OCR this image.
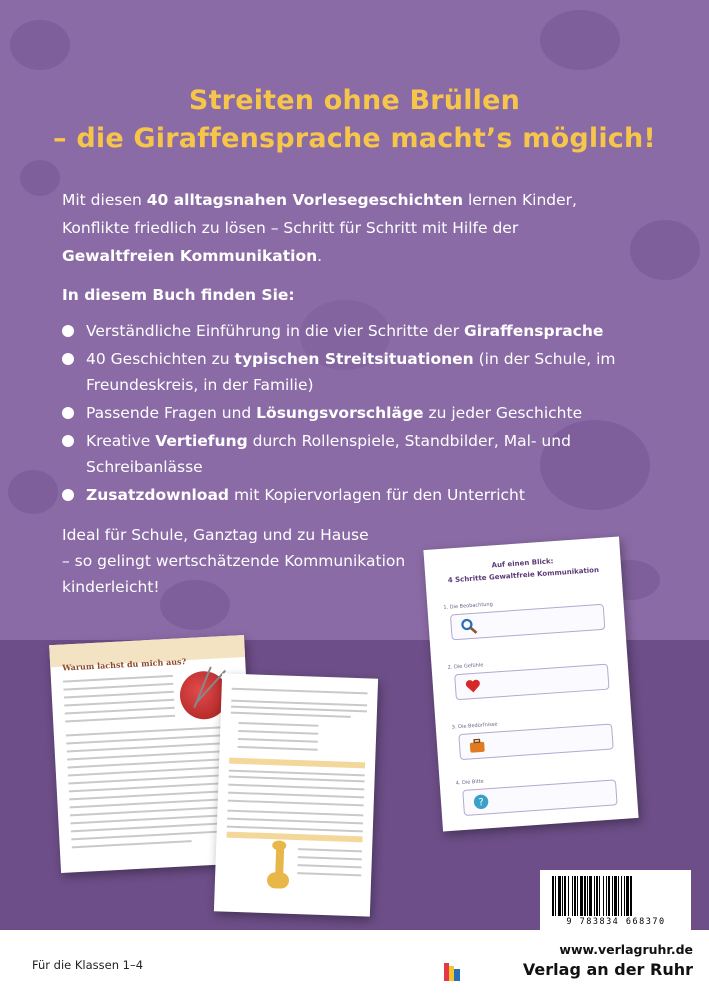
Streiten ohne Brüllen
– die Giraffensprache macht’s möglich!

Mit diesen 40 alltagsnahen Vorlesegeschichten lernen Kinder,

Konflikte friedlich zu lösen – Schritt für Schritt mit Hilfe der

Gewaltfreien Kommunikation.

In diesem Buch finden Sie:
Verständliche Einführung in die vier Schritte der Giraffensprache
40 Geschichten zu typischen Streitsituationen (in der Schule, im Freundeskreis, in der Familie)
Passende Fragen und Lösungsvorschläge zu jeder Geschichte
Kreative Vertiefung durch Rollenspiele, Standbilder, Mal- und Schreibanlässe
Zusatzdownload mit Kopiervorlagen für den Unterricht

Ideal für Schule, Ganztag und zu Hause

– so gelingt wertschätzende Kommunikation

kinderleicht!

Warum lachst du mich aus?
Auf einen Blick:
4 Schritte Gewaltfreie Kommunikation
1. Die Beobachtung
2. Die Gefühle
3. Die Bedürfnisse
4. Die Bitte
?
9 783834 668370
Für die Klassen 1–4
www.verlagruhr.de
Verlag an der Ruhr
